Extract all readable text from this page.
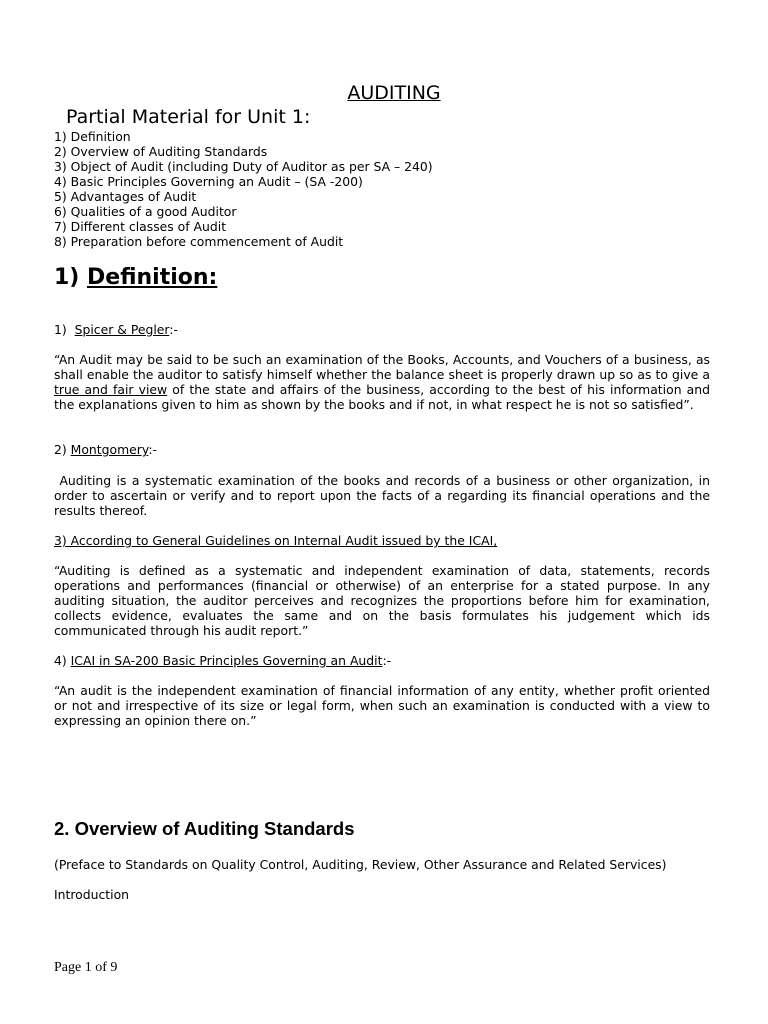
AUDITING
Partial Material for Unit 1:
1) Definition
2) Overview of Auditing Standards
3) Object of Audit (including Duty of Auditor as per SA – 240)
4) Basic Principles Governing an Audit – (SA -200)
5) Advantages of Audit
6) Qualities of a good Auditor
7) Different classes of Audit
8) Preparation before commencement of Audit
1) Definition:

1)  Spicer & Pegler:-

“An Audit may be said to be such an examination of the Books, Accounts, and Vouchers of a business, as shall enable the auditor to satisfy himself whether the balance sheet is properly drawn up so as to give a true and fair view of the state and affairs of the business, according to the best of his information and the explanations given to him as shown by the books and if not, in what respect he is not so satisfied”.

2) Montgomery:-

Auditing is a systematic examination of the books and records of a business or other organization, in order to ascertain or verify and to report upon the facts of a regarding its financial operations and the results thereof.

3) According to General Guidelines on Internal Audit issued by the ICAI,

“Auditing is defined as a systematic and independent examination of data, statements, records operations and performances (financial or otherwise) of an enterprise for a stated purpose. In any auditing situation, the auditor perceives and recognizes the proportions before him for examination, collects evidence, evaluates the same and on the basis formulates his judgement which ids communicated through his audit report.”

4) ICAI in SA-200 Basic Principles Governing an Audit:-

“An audit is the independent examination of financial information of any entity, whether profit oriented or not and irrespective of its size or legal form, when such an examination is conducted with a view to expressing an opinion there on.”

2. Overview of Auditing Standards

(Preface to Standards on Quality Control, Auditing, Review, Other Assurance and Related Services)

Introduction

Page 1 of 9
